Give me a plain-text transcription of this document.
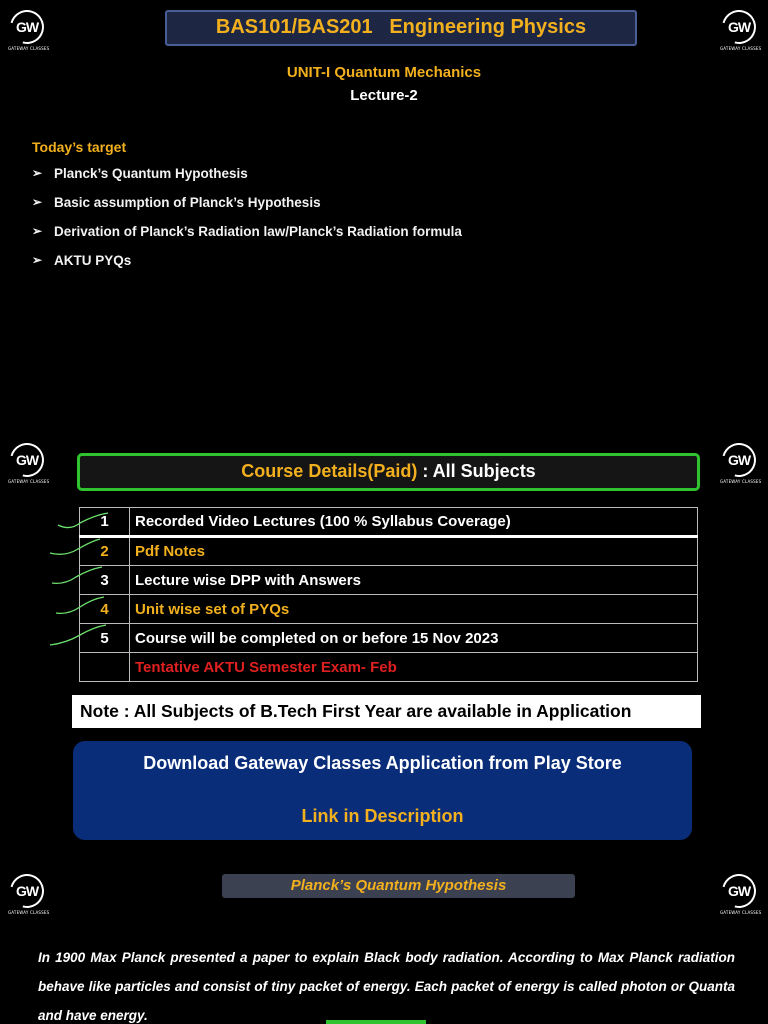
GW
GATEWAY CLASSES
GW
GATEWAY CLASSES
GW
GATEWAY CLASSES
GW
GATEWAY CLASSES
GW
GATEWAY CLASSES
GW
GATEWAY CLASSES
BAS101/BAS201   Engineering Physics
UNIT-I Quantum Mechanics
Lecture-2
Today’s target
➢ Planck’s Quantum Hypothesis
➢ Basic assumption of Planck’s Hypothesis
➢ Derivation of Planck’s Radiation law/Planck’s Radiation formula
➢ AKTU PYQs
Course Details(Paid) : All Subjects
1	Recorded Video Lectures (100 % Syllabus Coverage)
2	Pdf Notes
3	Lecture wise DPP with Answers
4	Unit wise set of PYQs
5	Course will be completed on or before 15 Nov 2023
	Tentative AKTU Semester Exam- Feb
Note : All Subjects of B.Tech First Year are available in Application
Download Gateway Classes Application from Play Store
Link in Description
Planck’s Quantum Hypothesis
In 1900 Max Planck presented a paper to explain Black body radiation. According to Max Planck radiation behave like particles and consist of tiny packet of energy. Each packet of energy is called photon or Quanta and have energy.
